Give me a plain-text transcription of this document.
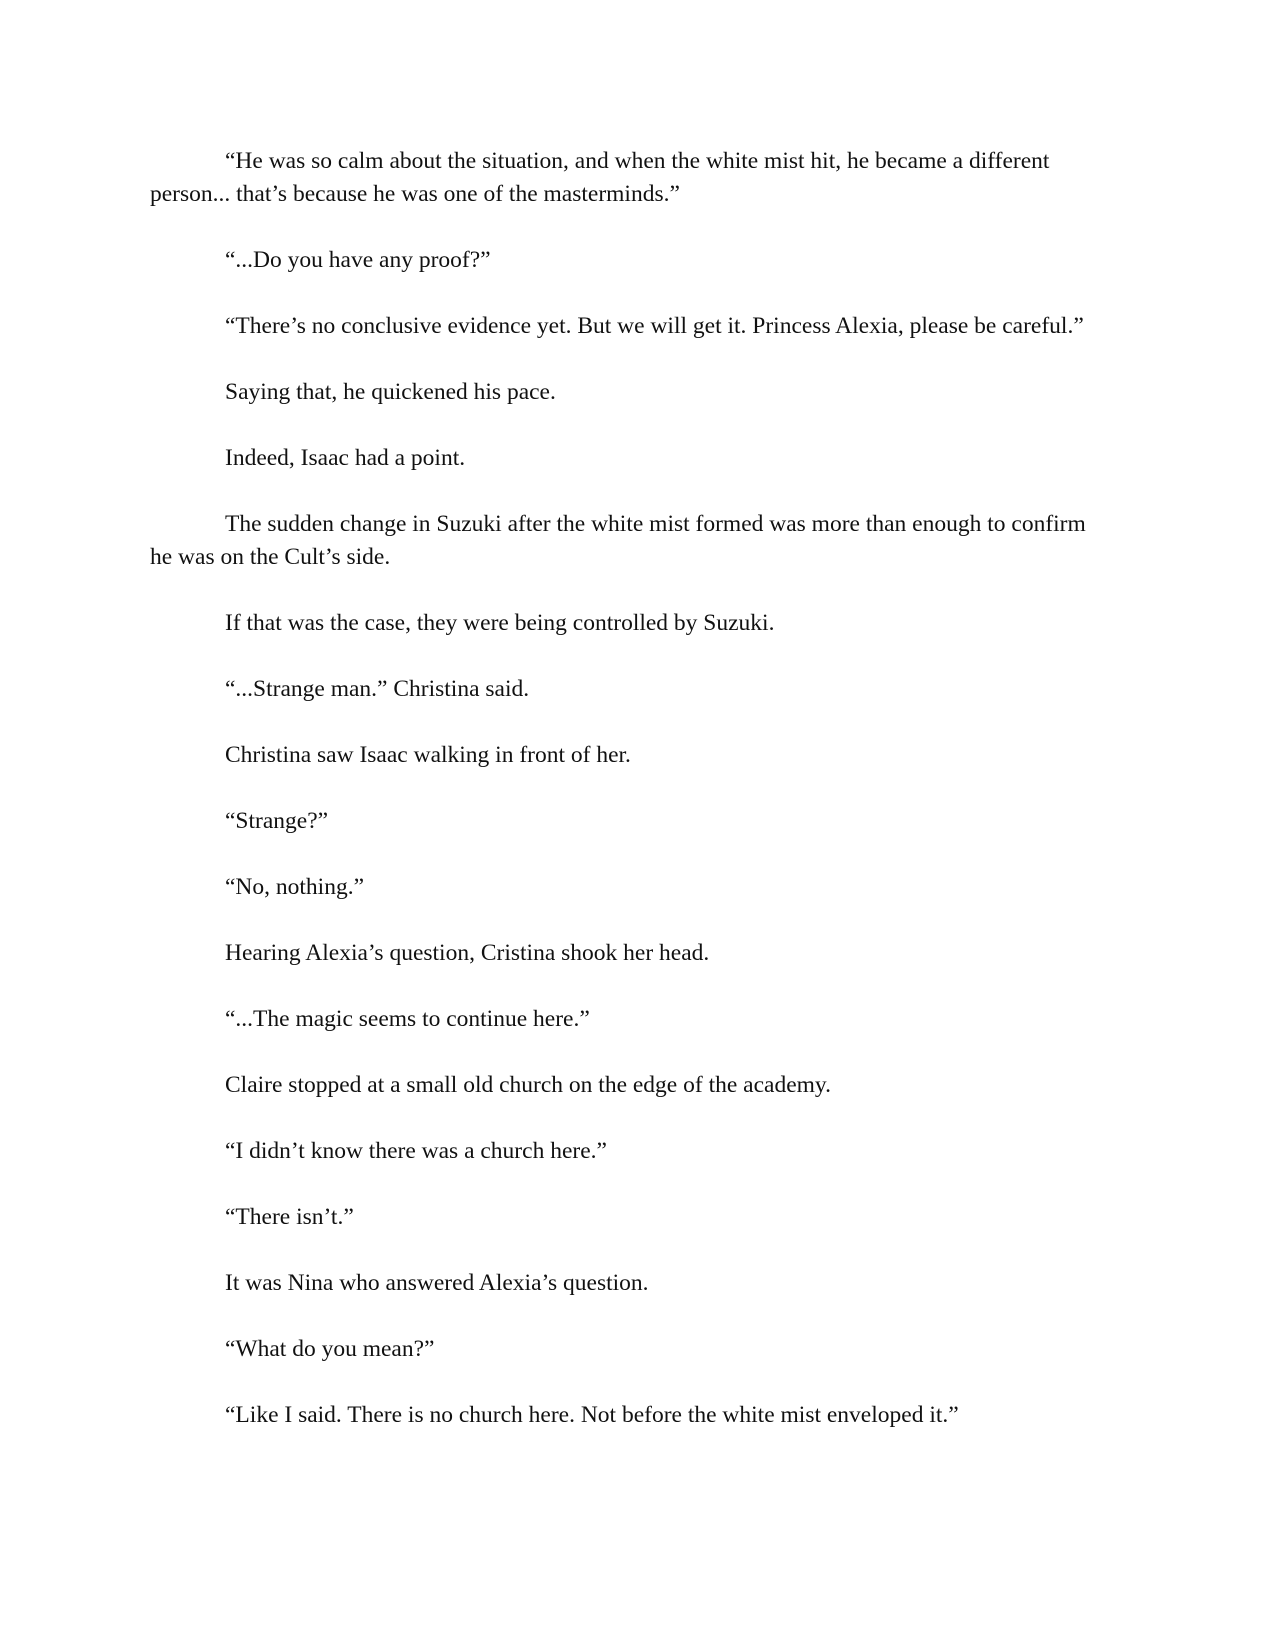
“He was so calm about the situation, and when the white mist hit, he became a different person... that’s because he was one of the masterminds.”

“...Do you have any proof?”

“There’s no conclusive evidence yet. But we will get it. Princess Alexia, please be careful.”

Saying that, he quickened his pace.

Indeed, Isaac had a point.

The sudden change in Suzuki after the white mist formed was more than enough to confirm he was on the Cult’s side.

If that was the case, they were being controlled by Suzuki.

“...Strange man.” Christina said.

Christina saw Isaac walking in front of her.

“Strange?”

“No, nothing.”

Hearing Alexia’s question, Cristina shook her head.

“...The magic seems to continue here.”

Claire stopped at a small old church on the edge of the academy.

“I didn’t know there was a church here.”

“There isn’t.”

It was Nina who answered Alexia’s question.

“What do you mean?”

“Like I said. There is no church here. Not before the white mist enveloped it.”
